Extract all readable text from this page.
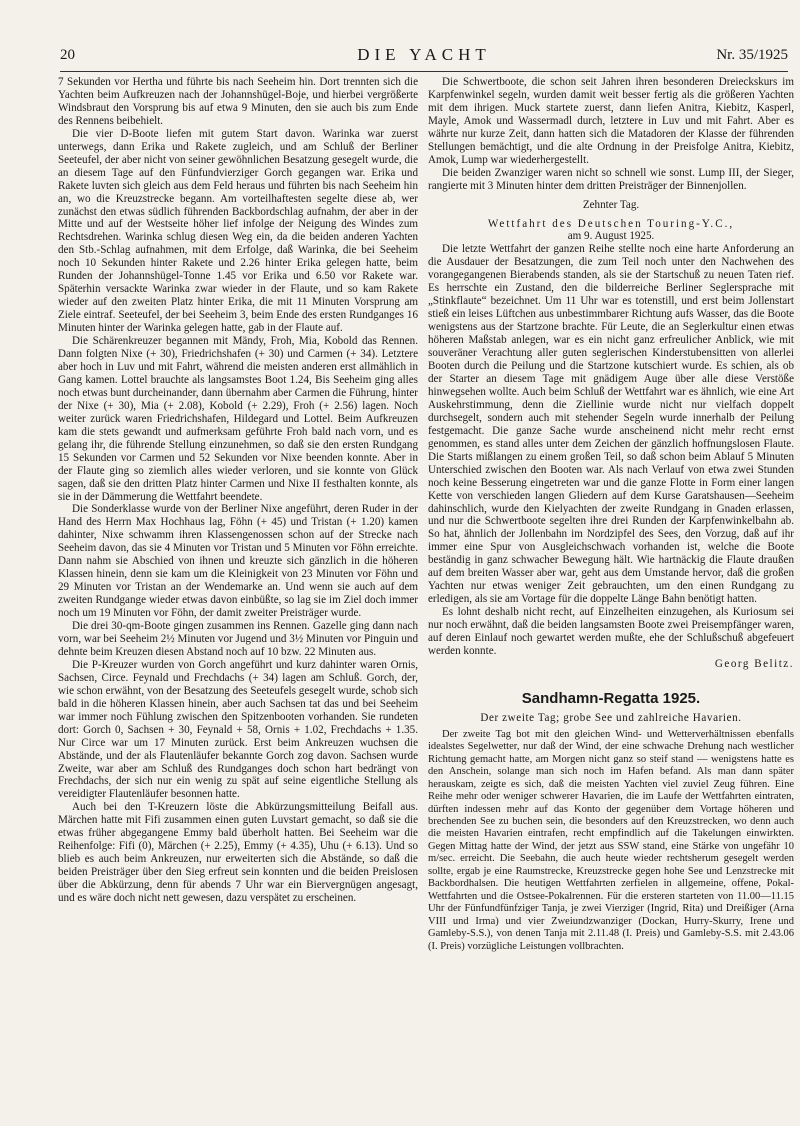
20	DIE YACHT	Nr. 35/1925

7 Sekunden vor Hertha und führte bis nach Seeheim hin. Dort trennten sich die Yachten beim Aufkreuzen nach der Johannshügel-Boje, und hierbei vergrößerte Windsbraut den Vorsprung bis auf etwa 9 Minuten, den sie auch bis zum Ende des Rennens beibehielt.

Die vier D-Boote liefen mit gutem Start davon. Warinka war zuerst unterwegs, dann Erika und Rakete zugleich, und am Schluß der Berliner Seeteufel, der aber nicht von seiner gewöhnlichen Besatzung gesegelt wurde, die an diesem Tage auf den Fünfundvierziger Gorch gegangen war. Erika und Rakete luvten sich gleich aus dem Feld heraus und führten bis nach Seeheim hin an, wo die Kreuzstrecke begann. Am vorteilhaftesten segelte diese ab, wer zunächst den etwas südlich führenden Backbordschlag aufnahm, der aber in der Mitte und auf der Westseite höher lief infolge der Neigung des Windes zum Rechtsdrehen. Warinka schlug diesen Weg ein, da die beiden anderen Yachten den Stb.-Schlag aufnahmen, mit dem Erfolge, daß Warinka, die bei Seeheim noch 10 Sekunden hinter Rakete und 2.26 hinter Erika gelegen hatte, beim Runden der Johannshügel-Tonne 1.45 vor Erika und 6.50 vor Rakete war. Späterhin versackte Warinka zwar wieder in der Flaute, und so kam Rakete wieder auf den zweiten Platz hinter Erika, die mit 11 Minuten Vorsprung am Ziele eintraf. Seeteufel, der bei Seeheim 3, beim Ende des ersten Rundganges 16 Minuten hinter der Warinka gelegen hatte, gab in der Flaute auf.

Die Schärenkreuzer begannen mit Mändy, Froh, Mia, Kobold das Rennen. Dann folgten Nixe (+ 30), Friedrichshafen (+ 30) und Carmen (+ 34). Letztere aber hoch in Luv und mit Fahrt, während die meisten anderen erst allmählich in Gang kamen. Lottel brauchte als langsamstes Boot 1.24, Bis Seeheim ging alles noch etwas bunt durcheinander, dann übernahm aber Carmen die Führung, hinter der Nixe (+ 30), Mia (+ 2.08), Kobold (+ 2.29), Froh (+ 2.56) lagen. Noch weiter zurück waren Friedrichshafen, Hildegard und Lottel. Beim Aufkreuzen kam die stets gewandt und aufmerksam geführte Froh bald nach vorn, und es gelang ihr, die führende Stellung einzunehmen, so daß sie den ersten Rundgang 15 Sekunden vor Carmen und 52 Sekunden vor Nixe beenden konnte. Aber in der Flaute ging so ziemlich alles wieder verloren, und sie konnte von Glück sagen, daß sie den dritten Platz hinter Carmen und Nixe II festhalten konnte, als sie in der Dämmerung die Wettfahrt beendete.

Die Sonderklasse wurde von der Berliner Nixe angeführt, deren Ruder in der Hand des Herrn Max Hochhaus lag, Föhn (+ 45) und Tristan (+ 1.20) kamen dahinter, Nixe schwamm ihren Klassengenossen schon auf der Strecke nach Seeheim davon, das sie 4 Minuten vor Tristan und 5 Minuten vor Föhn erreichte. Dann nahm sie Abschied von ihnen und kreuzte sich gänzlich in die höheren Klassen hinein, denn sie kam um die Kleinigkeit von 23 Minuten vor Föhn und 29 Minuten vor Tristan an der Wendemarke an. Und wenn sie auch auf dem zweiten Rundgange wieder etwas davon einbüßte, so lag sie im Ziel doch immer noch um 19 Minuten vor Föhn, der damit zweiter Preisträger wurde.

Die drei 30-qm-Boote gingen zusammen ins Rennen. Gazelle ging dann nach vorn, war bei Seeheim 2½ Minuten vor Jugend und 3½ Minuten vor Pinguin und dehnte beim Kreuzen diesen Abstand noch auf 10 bzw. 22 Minuten aus.

Die P-Kreuzer wurden von Gorch angeführt und kurz dahinter waren Ornis, Sachsen, Circe. Feynald und Frechdachs (+ 34) lagen am Schluß. Gorch, der, wie schon erwähnt, von der Besatzung des Seeteufels gesegelt wurde, schob sich bald in die höheren Klassen hinein, aber auch Sachsen tat das und bei Seeheim war immer noch Fühlung zwischen den Spitzenbooten vorhanden. Sie rundeten dort: Gorch 0, Sachsen + 30, Feynald + 58, Ornis + 1.02, Frechdachs + 1.35. Nur Circe war um 17 Minuten zurück. Erst beim Ankreuzen wuchsen die Abstände, und der als Flautenläufer bekannte Gorch zog davon. Sachsen wurde Zweite, war aber am Schluß des Rundganges doch schon hart bedrängt von Frechdachs, der sich nur ein wenig zu spät auf seine eigentliche Stellung als vereidigter Flautenläufer besonnen hatte.

Auch bei den T-Kreuzern löste die Abkürzungsmitteilung Beifall aus. Märchen hatte mit Fifi zusammen einen guten Luvstart gemacht, so daß sie die etwas früher abgegangene Emmy bald überholt hatten. Bei Seeheim war die Reihenfolge: Fifi (0), Märchen (+ 2.25), Emmy (+ 4.35), Uhu (+ 6.13). Und so blieb es auch beim Ankreuzen, nur erweiterten sich die Abstände, so daß die beiden Preisträger über den Sieg erfreut sein konnten und die beiden Preislosen über die Abkürzung, denn für abends 7 Uhr war ein Biervergnügen angesagt, und es wäre doch nicht nett gewesen, dazu verspätet zu erscheinen.

Die Schwertboote, die schon seit Jahren ihren besonderen Dreieckskurs im Karpfenwinkel segeln, wurden damit weit besser fertig als die größeren Yachten mit dem ihrigen. Muck startete zuerst, dann liefen Anitra, Kiebitz, Kasperl, Mayle, Amok und Wassermadl durch, letztere in Luv und mit Fahrt. Aber es währte nur kurze Zeit, dann hatten sich die Matadoren der Klasse der führenden Stellungen bemächtigt, und die alte Ordnung in der Preisfolge Anitra, Kiebitz, Amok, Lump war wiederhergestellt.

Die beiden Zwanziger waren nicht so schnell wie sonst. Lump III, der Sieger, rangierte mit 3 Minuten hinter dem dritten Preisträger der Binnenjollen.

Zehnter Tag.
Wettfahrt des Deutschen Touring-Y.C.,
am 9. August 1925.

Die letzte Wettfahrt der ganzen Reihe stellte noch eine harte Anforderung an die Ausdauer der Besatzungen, die zum Teil noch unter den Nachwehen des vorangegangenen Bierabends standen, als sie der Startschuß zu neuen Taten rief. Es herrschte ein Zustand, den die bilderreiche Berliner Seglersprache mit „Stinkflaute“ bezeichnet. Um 11 Uhr war es totenstill, und erst beim Jollenstart stieß ein leises Lüftchen aus unbestimmbarer Richtung aufs Wasser, das die Boote wenigstens aus der Startzone brachte. Für Leute, die an Seglerkultur einen etwas höheren Maßstab anlegen, war es ein nicht ganz erfreulicher Anblick, wie mit souveräner Verachtung aller guten seglerischen Kinderstubensitten von allerlei Booten durch die Peilung und die Startzone kutschiert wurde. Es schien, als ob der Starter an diesem Tage mit gnädigem Auge über alle diese Verstöße hinwegsehen wollte. Auch beim Schluß der Wettfahrt war es ähnlich, wie eine Art Auskehrstimmung, denn die Ziellinie wurde nicht nur vielfach doppelt durchsegelt, sondern auch mit stehender Segeln wurde innerhalb der Peilung festgemacht. Die ganze Sache wurde anscheinend nicht mehr recht ernst genommen, es stand alles unter dem Zeichen der gänzlich hoffnungslosen Flaute. Die Starts mißlangen zu einem großen Teil, so daß schon beim Ablauf 5 Minuten Unterschied zwischen den Booten war. Als nach Verlauf von etwa zwei Stunden noch keine Besserung eingetreten war und die ganze Flotte in Form einer langen Kette von verschieden langen Gliedern auf dem Kurse Garatshausen—Seeheim dahinschlich, wurde den Kielyachten der zweite Rundgang in Gnaden erlassen, und nur die Schwertboote segelten ihre drei Runden der Karpfenwinkelbahn ab. So hat, ähnlich der Jollenbahn im Nordzipfel des Sees, den Vorzug, daß auf ihr immer eine Spur von Ausgleichschwach vorhanden ist, welche die Boote beständig in ganz schwacher Bewegung hält. Wie hartnäckig die Flaute draußen auf dem breiten Wasser aber war, geht aus dem Umstande hervor, daß die großen Yachten nur etwas weniger Zeit gebrauchten, um den einen Rundgang zu erledigen, als sie am Vortage für die doppelte Länge Bahn benötigt hatten.

Es lohnt deshalb nicht recht, auf Einzelheiten einzugehen, als Kuriosum sei nur noch erwähnt, daß die beiden langsamsten Boote zwei Preisempfänger waren, auf deren Einlauf noch gewartet werden mußte, ehe der Schlußschuß abgefeuert werden konnte.

Georg Belitz.
Sandhamn-Regatta 1925.
Der zweite Tag; grobe See und zahlreiche Havarien.

Der zweite Tag bot mit den gleichen Wind- und Wetterverhältnissen ebenfalls idealstes Segelwetter, nur daß der Wind, der eine schwache Drehung nach westlicher Richtung gemacht hatte, am Morgen nicht ganz so steif stand — wenigstens hatte es den Anschein, solange man sich noch im Hafen befand. Als man dann später herauskam, zeigte es sich, daß die meisten Yachten viel zuviel Zeug führen. Eine Reihe mehr oder weniger schwerer Havarien, die im Laufe der Wettfahrten eintraten, dürften indessen mehr auf das Konto der gegenüber dem Vortage höheren und brechenden See zu buchen sein, die besonders auf den Kreuzstrecken, wo denn auch die meisten Havarien eintrafen, recht empfindlich auf die Takelungen einwirkten. Gegen Mittag hatte der Wind, der jetzt aus SSW stand, eine Stärke von ungefähr 10 m/sec. erreicht. Die Seebahn, die auch heute wieder rechtsherum gesegelt werden sollte, ergab je eine Raumstrecke, Kreuzstrecke gegen hohe See und Lenzstrecke mit Backbordhalsen. Die heutigen Wettfahrten zerfielen in allgemeine, offene, Pokal-Wettfahrten und die Ostsee-Pokalrennen. Für die ersteren starteten von 11.00—11.15 Uhr der Fünfundfünfziger Tanja, je zwei Vierziger (Ingrid, Rita) und Dreißiger (Arna VIII und Irma) und vier Zweiundzwanziger (Dockan, Hurry-Skurry, Irene und Gamleby-S.S.), von denen Tanja mit 2.11.48 (I. Preis) und Gamleby-S.S. mit 2.43.06 (I. Preis) vorzügliche Leistungen vollbrachten.
